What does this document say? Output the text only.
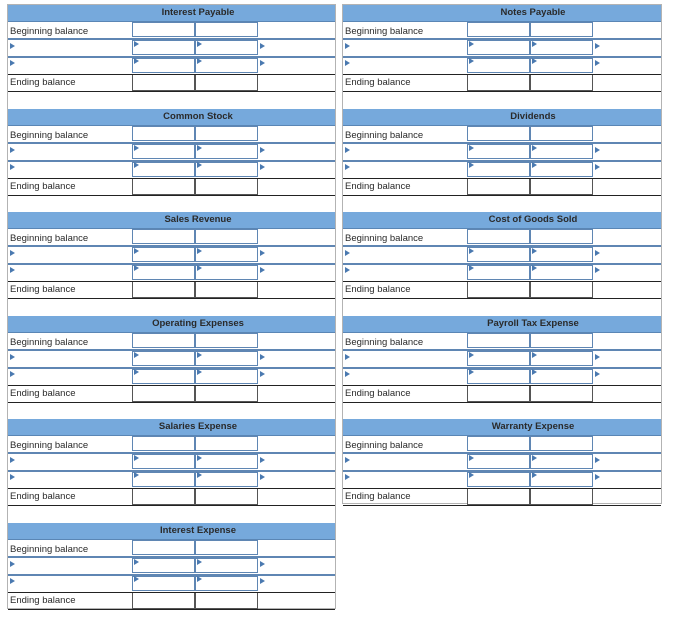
Interest Payable
Beginning balance
Ending balance
Common Stock
Beginning balance
Ending balance
Sales Revenue
Beginning balance
Ending balance
Operating Expenses
Beginning balance
Ending balance
Salaries Expense
Beginning balance
Ending balance
Interest Expense
Beginning balance
Ending balance
Notes Payable
Beginning balance
Ending balance
Dividends
Beginning balance
Ending balance
Cost of Goods Sold
Beginning balance
Ending balance
Payroll Tax Expense
Beginning balance
Ending balance
Warranty Expense
Beginning balance
Ending balance
